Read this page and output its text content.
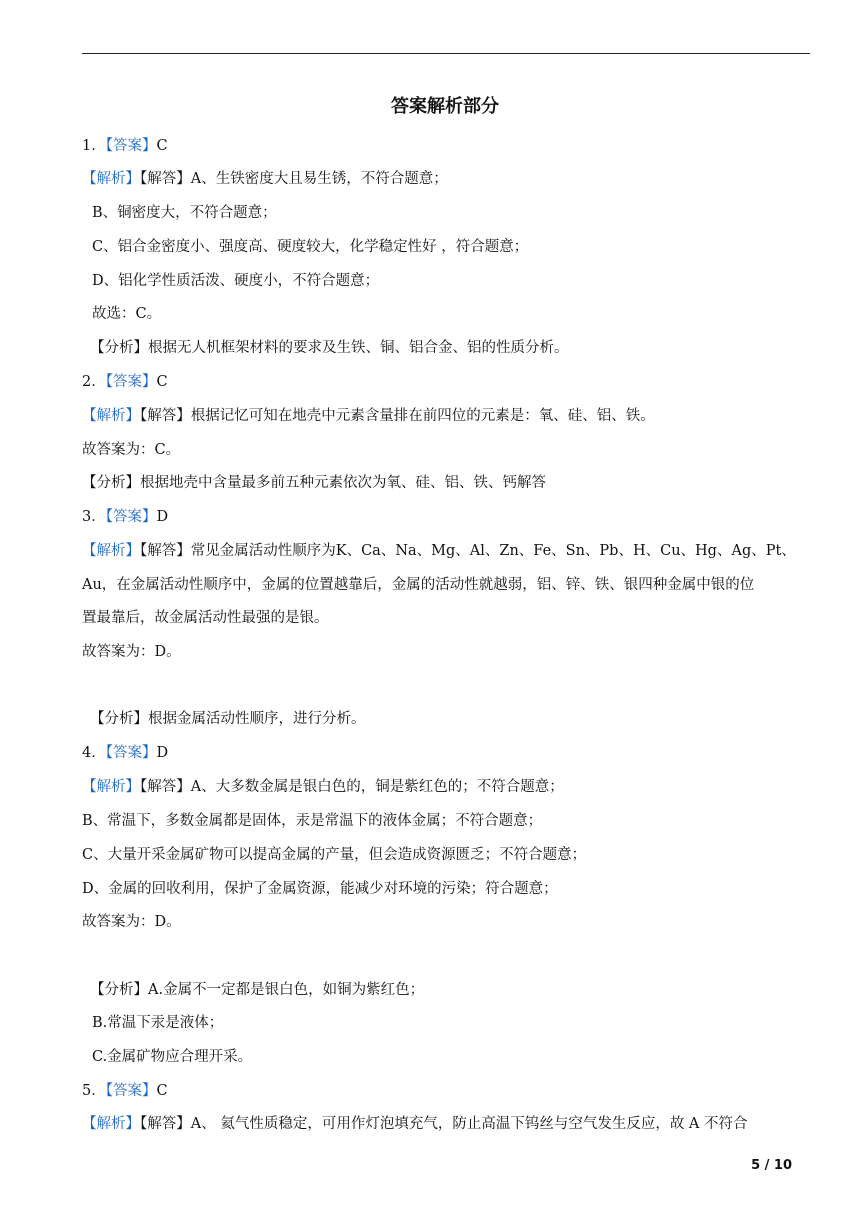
答案解析部分
1．【答案】C
【解析】【解答】A、生铁密度大且易生锈，不符合题意；
B、铜密度大，不符合题意；
C、铝合金密度小、强度高、硬度较大，化学稳定性好 ，符合题意；
D、铝化学性质活泼、硬度小，不符合题意；
故选：C。
【分析】根据无人机框架材料的要求及生铁、铜、铝合金、铝的性质分析。
2．【答案】C
【解析】【解答】根据记忆可知在地壳中元素含量排在前四位的元素是：氧、硅、铝、铁。
故答案为：C。
【分析】根据地壳中含量最多前五种元素依次为氧、硅、铝、铁、钙解答
3．【答案】D
【解析】【解答】常见金属活动性顺序为K、Ca、Na、Mg、Al、Zn、Fe、Sn、Pb、H、Cu、Hg、Ag、Pt、
Au，在金属活动性顺序中，金属的位置越靠后，金属的活动性就越弱，铝、锌、铁、银四种金属中银的位
置最靠后，故金属活动性最强的是银。
故答案为：D。
【分析】根据金属活动性顺序，进行分析。
4．【答案】D
【解析】【解答】A、大多数金属是银白色的，铜是紫红色的；不符合题意；
B、常温下，多数金属都是固体，汞是常温下的液体金属；不符合题意；
C、大量开采金属矿物可以提高金属的产量，但会造成资源匮乏；不符合题意；
D、金属的回收利用，保护了金属资源，能减少对环境的污染；符合题意；
故答案为：D。
【分析】A.金属不一定都是银白色，如铜为紫红色；
B.常温下汞是液体；
C.金属矿物应合理开采。
5．【答案】C
【解析】【解答】A、 氦气性质稳定，可用作灯泡填充气，防止高温下钨丝与空气发生反应，故 A 不符合
5 / 10
